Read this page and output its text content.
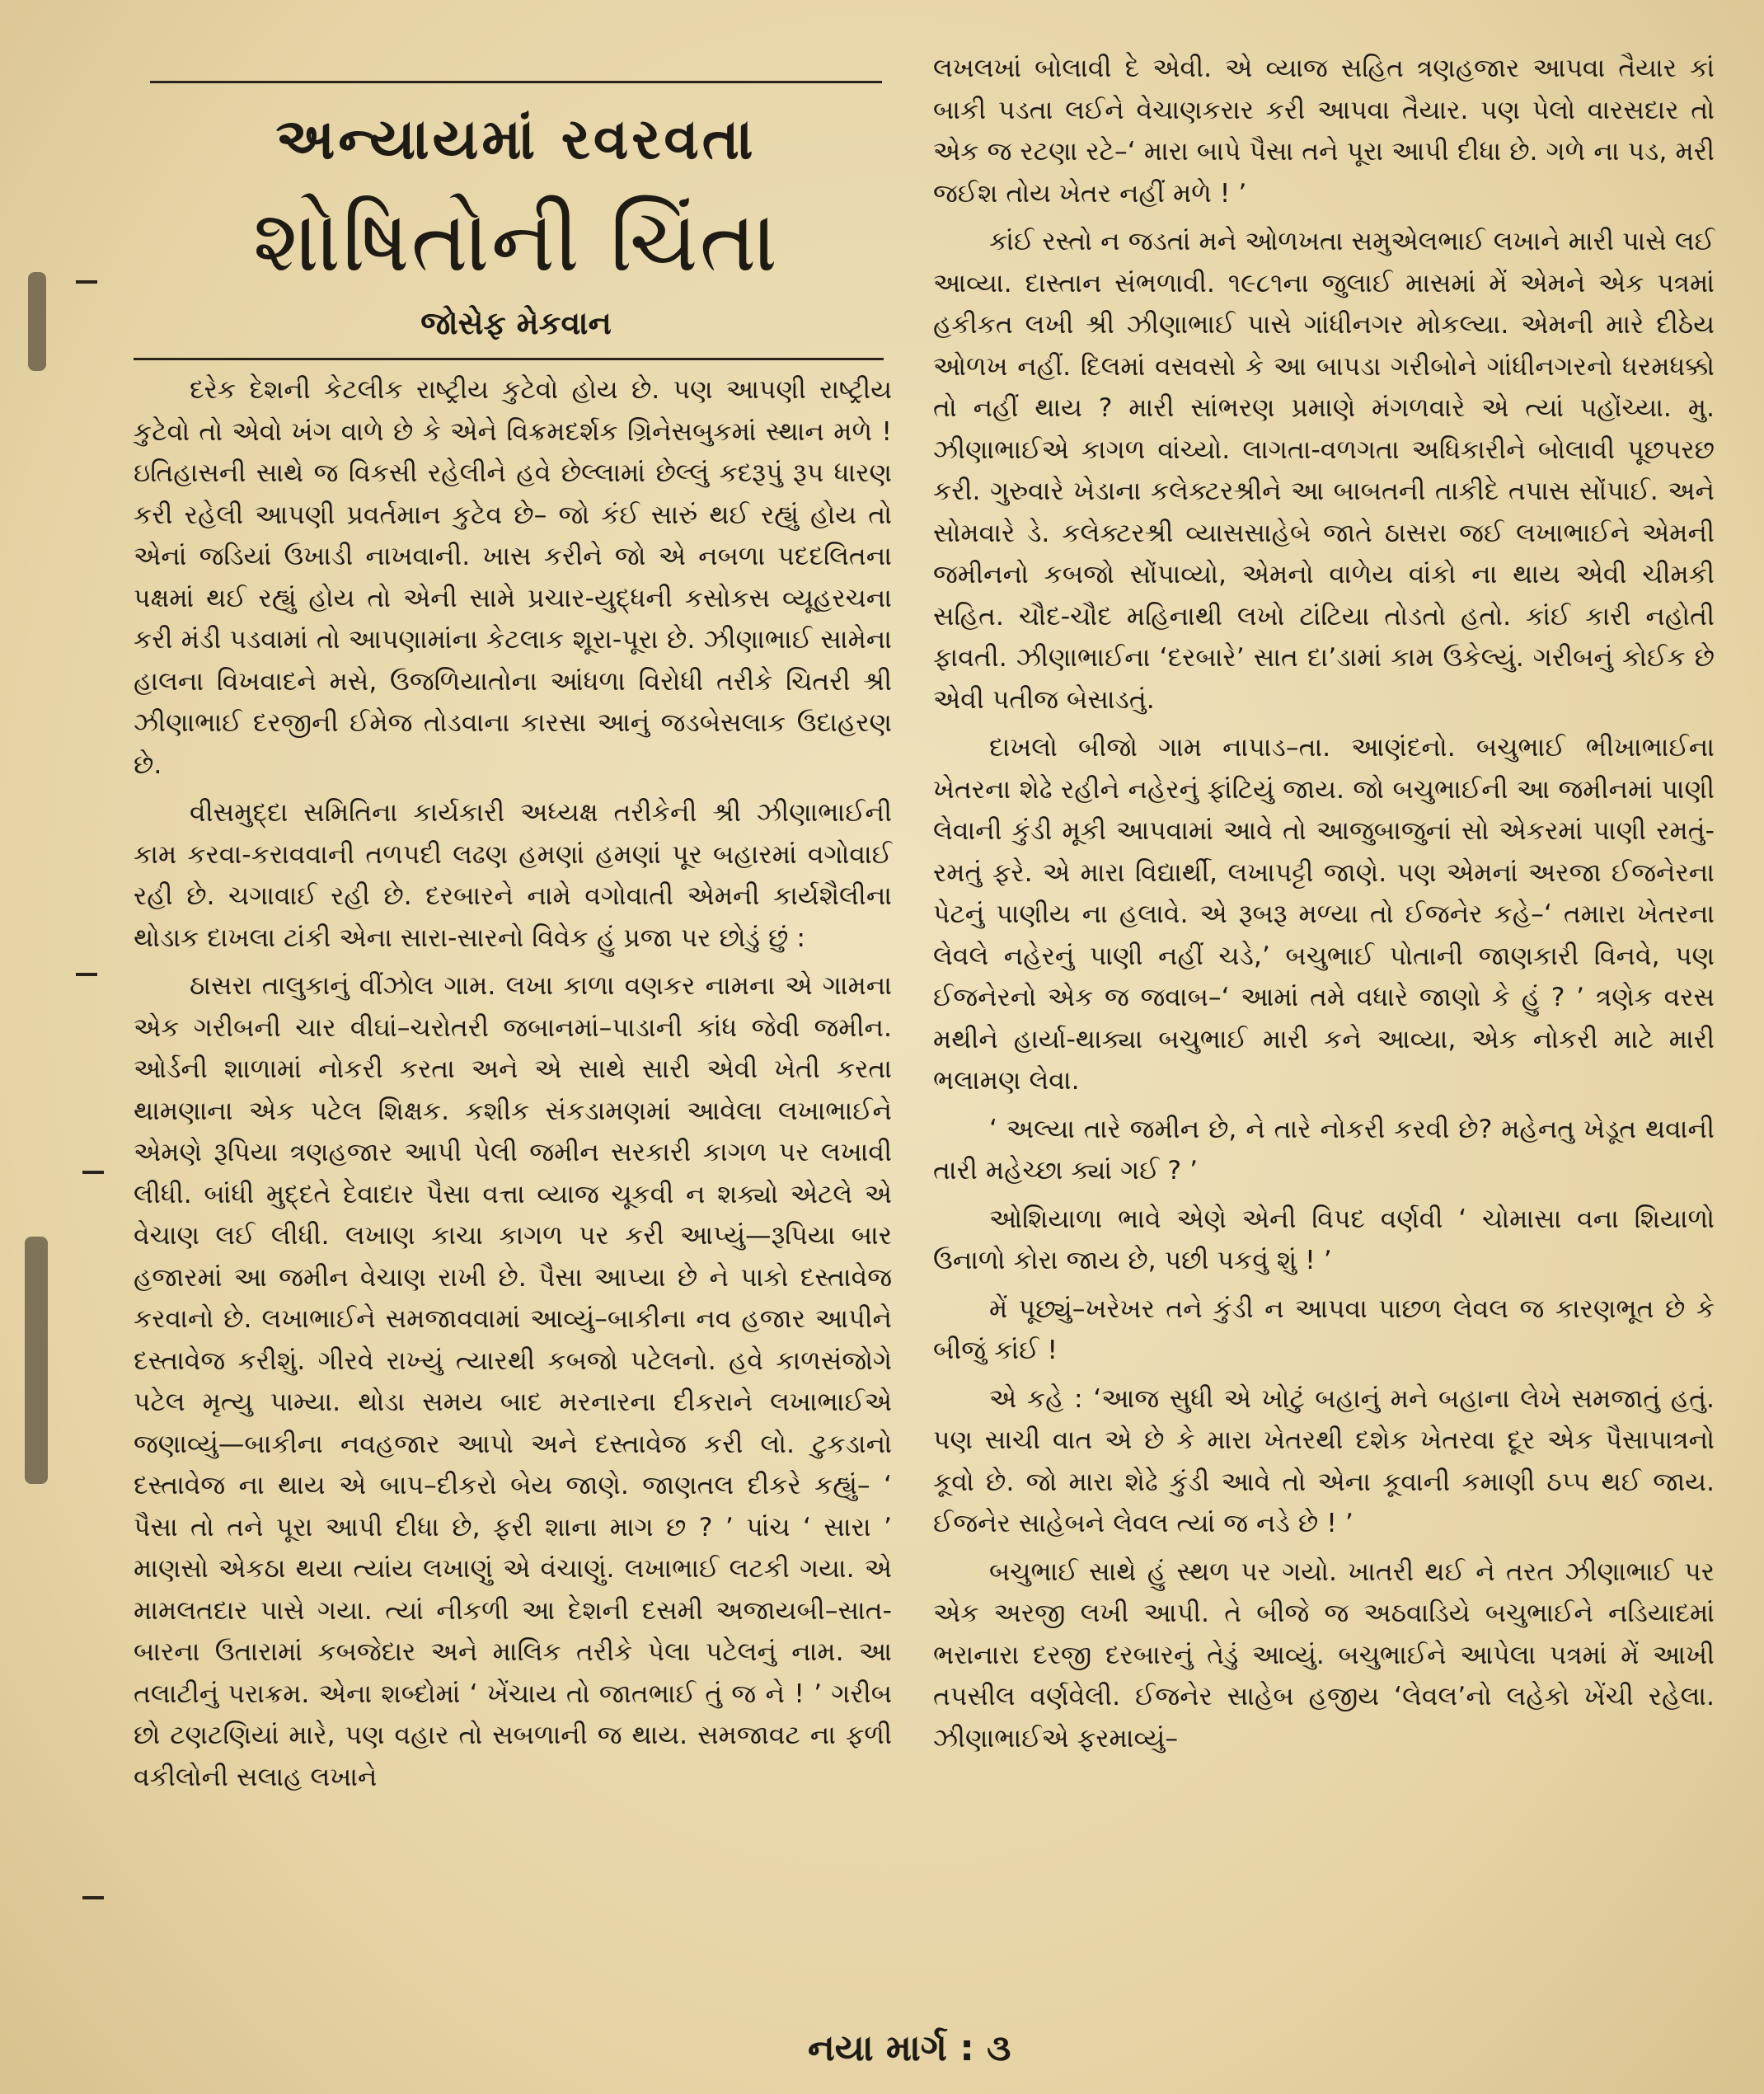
અન્યાયમાં રવરવતા
શોષિતોની ચિંતા
જોસેફ મેકવાન

દરેક દેશની કેટલીક રાષ્ટ્રીય કુટેવો હોય છે. પણ આપણી રાષ્ટ્રીય કુટેવો તો એવો ખંગ વાળે છે કે એને વિક્રમદર્શક ગ્રિનેસબુકમાં સ્થાન મળે ! ઇતિહાસની સાથે જ વિકસી રહેલીને હવે છેલ્લામાં છેલ્લું કદરૂપું રૂપ ધારણ કરી રહેલી આપણી પ્રવર્તમાન કુટેવ છે– જો કંઈ સારું થઈ રહ્યું હોય તો એનાં જડિયાં ઉખાડી નાખવાની. ખાસ કરીને જો એ નબળા પદદલિતના પક્ષમાં થઈ રહ્યું હોય તો એની સામે પ્રચાર-યુદ્ધની કસોકસ વ્યૂહરચના કરી મંડી પડવામાં તો આપણામાંના કેટલાક શૂરા-પૂરા છે. ઝીણાભાઈ સામેના હાલના વિખવાદને મસે, ઉજળિયાતોના આંધળા વિરોધી તરીકે ચિતરી શ્રી ઝીણાભાઈ દરજીની ઈમેજ તોડવાના કારસા આનું જડબેસલાક ઉદાહરણ છે.

વીસમુદ્દા સમિતિના કાર્યકારી અધ્યક્ષ તરીકેની શ્રી ઝીણાભાઈની કામ કરવા-કરાવવાની તળપદી લઢણ હમણાં હમણાં પૂર બહારમાં વગોવાઈ રહી છે. ચગાવાઈ રહી છે. દરબારને નામે વગોવાતી એમની કાર્યશૈલીના થોડાક દાખલા ટાંકી એના સારા-સારનો વિવેક હું પ્રજા પર છોડું છું :

ઠાસરા તાલુકાનું વીંઝોલ ગામ. લખા કાળા વણકર નામના એ ગામના એક ગરીબની ચાર વીઘાં–ચરોતરી જબાનમાં–પાડાની કાંધ જેવી જમીન. ઓર્ડની શાળામાં નોકરી કરતા અને એ સાથે સારી એવી ખેતી કરતા થામણાના એક પટેલ શિક્ષક. કશીક સંકડામણમાં આવેલા લખાભાઈને એમણે રૂપિયા ત્રણહજાર આપી પેલી જમીન સરકારી કાગળ પર લખાવી લીધી. બાંધી મુદ્દતે દેવાદાર પૈસા વત્તા વ્યાજ ચૂકવી ન શક્યો એટલે એ વેચાણ લઈ લીધી. લખાણ કાચા કાગળ પર કરી આપ્યું—રૂપિયા બાર હજારમાં આ જમીન વેચાણ રાખી છે. પૈસા આપ્યા છે ને પાકો દસ્તાવેજ કરવાનો છે. લખાભાઈને સમજાવવામાં આવ્યું–બાકીના નવ હજાર આપીને દસ્તાવેજ કરીશું. ગીરવે રાખ્યું ત્યારથી કબજો પટેલનો. હવે કાળસંજોગે પટેલ મૃત્યુ પામ્યા. થોડા સમય બાદ મરનારના દીકરાને લખાભાઈએ જણાવ્યું—બાકીના નવહજાર આપો અને દસ્તાવેજ કરી લો. ટુકડાનો દસ્તાવેજ ના થાય એ બાપ–દીકરો બેય જાણે. જાણતલ દીકરે કહ્યું– ‘ પૈસા તો તને પૂરા આપી દીધા છે, ફરી શાના માગ છ ? ’ પાંચ ‘ સારા ’ માણસો એકઠા થયા ત્યાંય લખાણું એ વંચાણું. લખાભાઈ લટકી ગયા. એ મામલતદાર પાસે ગયા. ત્યાં નીકળી આ દેશની દસમી અજાયબી–સાત-બારના ઉતારામાં કબજેદાર અને માલિક તરીકે પેલા પટેલનું નામ. આ તલાટીનું પરાક્રમ. એના શબ્દોમાં ‘ ખેંચાય તો જાતભાઈ તું જ ને ! ’ ગરીબ છો ટણટણિયાં મારે, પણ વહાર તો સબળાની જ થાય. સમજાવટ ના ફળી વકીલોની સલાહ લખાને

લખલખાં બોલાવી દે એવી. એ વ્યાજ સહિત ત્રણહજાર આપવા તૈયાર કાં બાકી પડતા લઈને વેચાણકરાર કરી આપવા તૈયાર. પણ પેલો વારસદાર તો એક જ રટણા રટે–‘ મારા બાપે પૈસા તને પૂરા આપી દીધા છે. ગળે ના પડ, મરી જઈશ તોય ખેતર નહીં મળે ! ’

કાંઈ રસ્તો ન જડતાં મને ઓળખતા સમુએલભાઈ લખાને મારી પાસે લઈ આવ્યા. દાસ્તાન સંભળાવી. ૧૯૮૧ના જુલાઈ માસમાં મેં એમને એક પત્રમાં હકીકત લખી શ્રી ઝીણાભાઈ પાસે ગાંધીનગર મોકલ્યા. એમની મારે દીઠેય ઓળખ નહીં. દિલમાં વસવસો કે આ બાપડા ગરીબોને ગાંધીનગરનો ધરમધક્કો તો નહીં થાય ? મારી સાંભરણ પ્રમાણે મંગળવારે એ ત્યાં પહોંચ્યા. મુ. ઝીણાભાઈએ કાગળ વાંચ્યો. લાગતા-વળગતા અધિકારીને બોલાવી પૂછપરછ કરી. ગુરુવારે ખેડાના કલેક્ટરશ્રીને આ બાબતની તાકીદે તપાસ સોંપાઈ. અને સોમવારે ડે. કલેક્ટરશ્રી વ્યાસસાહેબે જાતે ઠાસરા જઈ લખાભાઈને એમની જમીનનો કબજો સોંપાવ્યો, એમનો વાળેય વાંકો ના થાય એવી ચીમકી સહિત. ચૌદ-ચૌદ મહિનાથી લખો ટાંટિયા તોડતો હતો. કાંઈ કારી નહોતી ફાવતી. ઝીણાભાઈના ‘દરબારે’ સાત દા’ડામાં કામ ઉકેલ્યું. ગરીબનું કોઈક છે એવી પતીજ બેસાડતું.

દાખલો બીજો ગામ નાપાડ–તા. આણંદનો. બચુભાઈ ભીખાભાઈના ખેતરના શેઢે રહીને નહેરનું ફાંટિયું જાય. જો બચુભાઈની આ જમીનમાં પાણી લેવાની કુંડી મૂકી આપવામાં આવે તો આજુબાજુનાં સો એકરમાં પાણી રમતું-રમતું ફરે. એ મારા વિદ્યાર્થી, લખાપટ્ટી જાણે. પણ એમનાં અરજા ઈજનેરના પેટનું પાણીય ના હલાવે. એ રૂબરૂ મળ્યા તો ઈજનેર કહે–‘ તમારા ખેતરના લેવલે નહેરનું પાણી નહીં ચડે,’ બચુભાઈ પોતાની જાણકારી વિનવે, પણ ઈજનેરનો એક જ જવાબ–‘ આમાં તમે વધારે જાણો કે હું ? ’ ત્રણેક વરસ મથીને હાર્યા-થાક્યા બચુભાઈ મારી કને આવ્યા, એક નોકરી માટે મારી ભલામણ લેવા.

‘ અલ્યા તારે જમીન છે, ને તારે નોકરી કરવી છે? મહેનતુ ખેડૂત થવાની તારી મહેચ્છા ક્યાં ગઈ ? ’

ઓશિયાળા ભાવે એણે એની વિપદ વર્ણવી ‘ ચોમાસા વના શિયાળો ઉનાળો કોરા જાય છે, પછી પકવું શું ! ’

મેં પૂછ્યું–ખરેખર તને કુંડી ન આપવા પાછળ લેવલ જ કારણભૂત છે કે બીજું કાંઈ !

એ કહે : ‘આજ સુધી એ ખોટું બહાનું મને બહાના લેખે સમજાતું હતું. પણ સાચી વાત એ છે કે મારા ખેતરથી દશેક ખેતરવા દૂર એક પૈસાપાત્રનો કૂવો છે. જો મારા શેઢે કુંડી આવે તો એના કૂવાની કમાણી ઠપ્પ થઈ જાય. ઈજનેર સાહેબને લેવલ ત્યાં જ નડે છે ! ’

બચુભાઈ સાથે હું સ્થળ પર ગયો. ખાતરી થઈ ને તરત ઝીણાભાઈ પર એક અરજી લખી આપી. તે બીજે જ અઠવાડિયે બચુભાઈને નડિયાદમાં ભરાનારા દરજી દરબારનું તેડું આવ્યું. બચુભાઈને આપેલા પત્રમાં મેં આખી તપસીલ વર્ણવેલી. ઈજનેર સાહેબ હજીય ‘લેવલ’નો લહેકો ખેંચી રહેલા. ઝીણાભાઈએ ફરમાવ્યું–

નયા માર્ગ : ૩
